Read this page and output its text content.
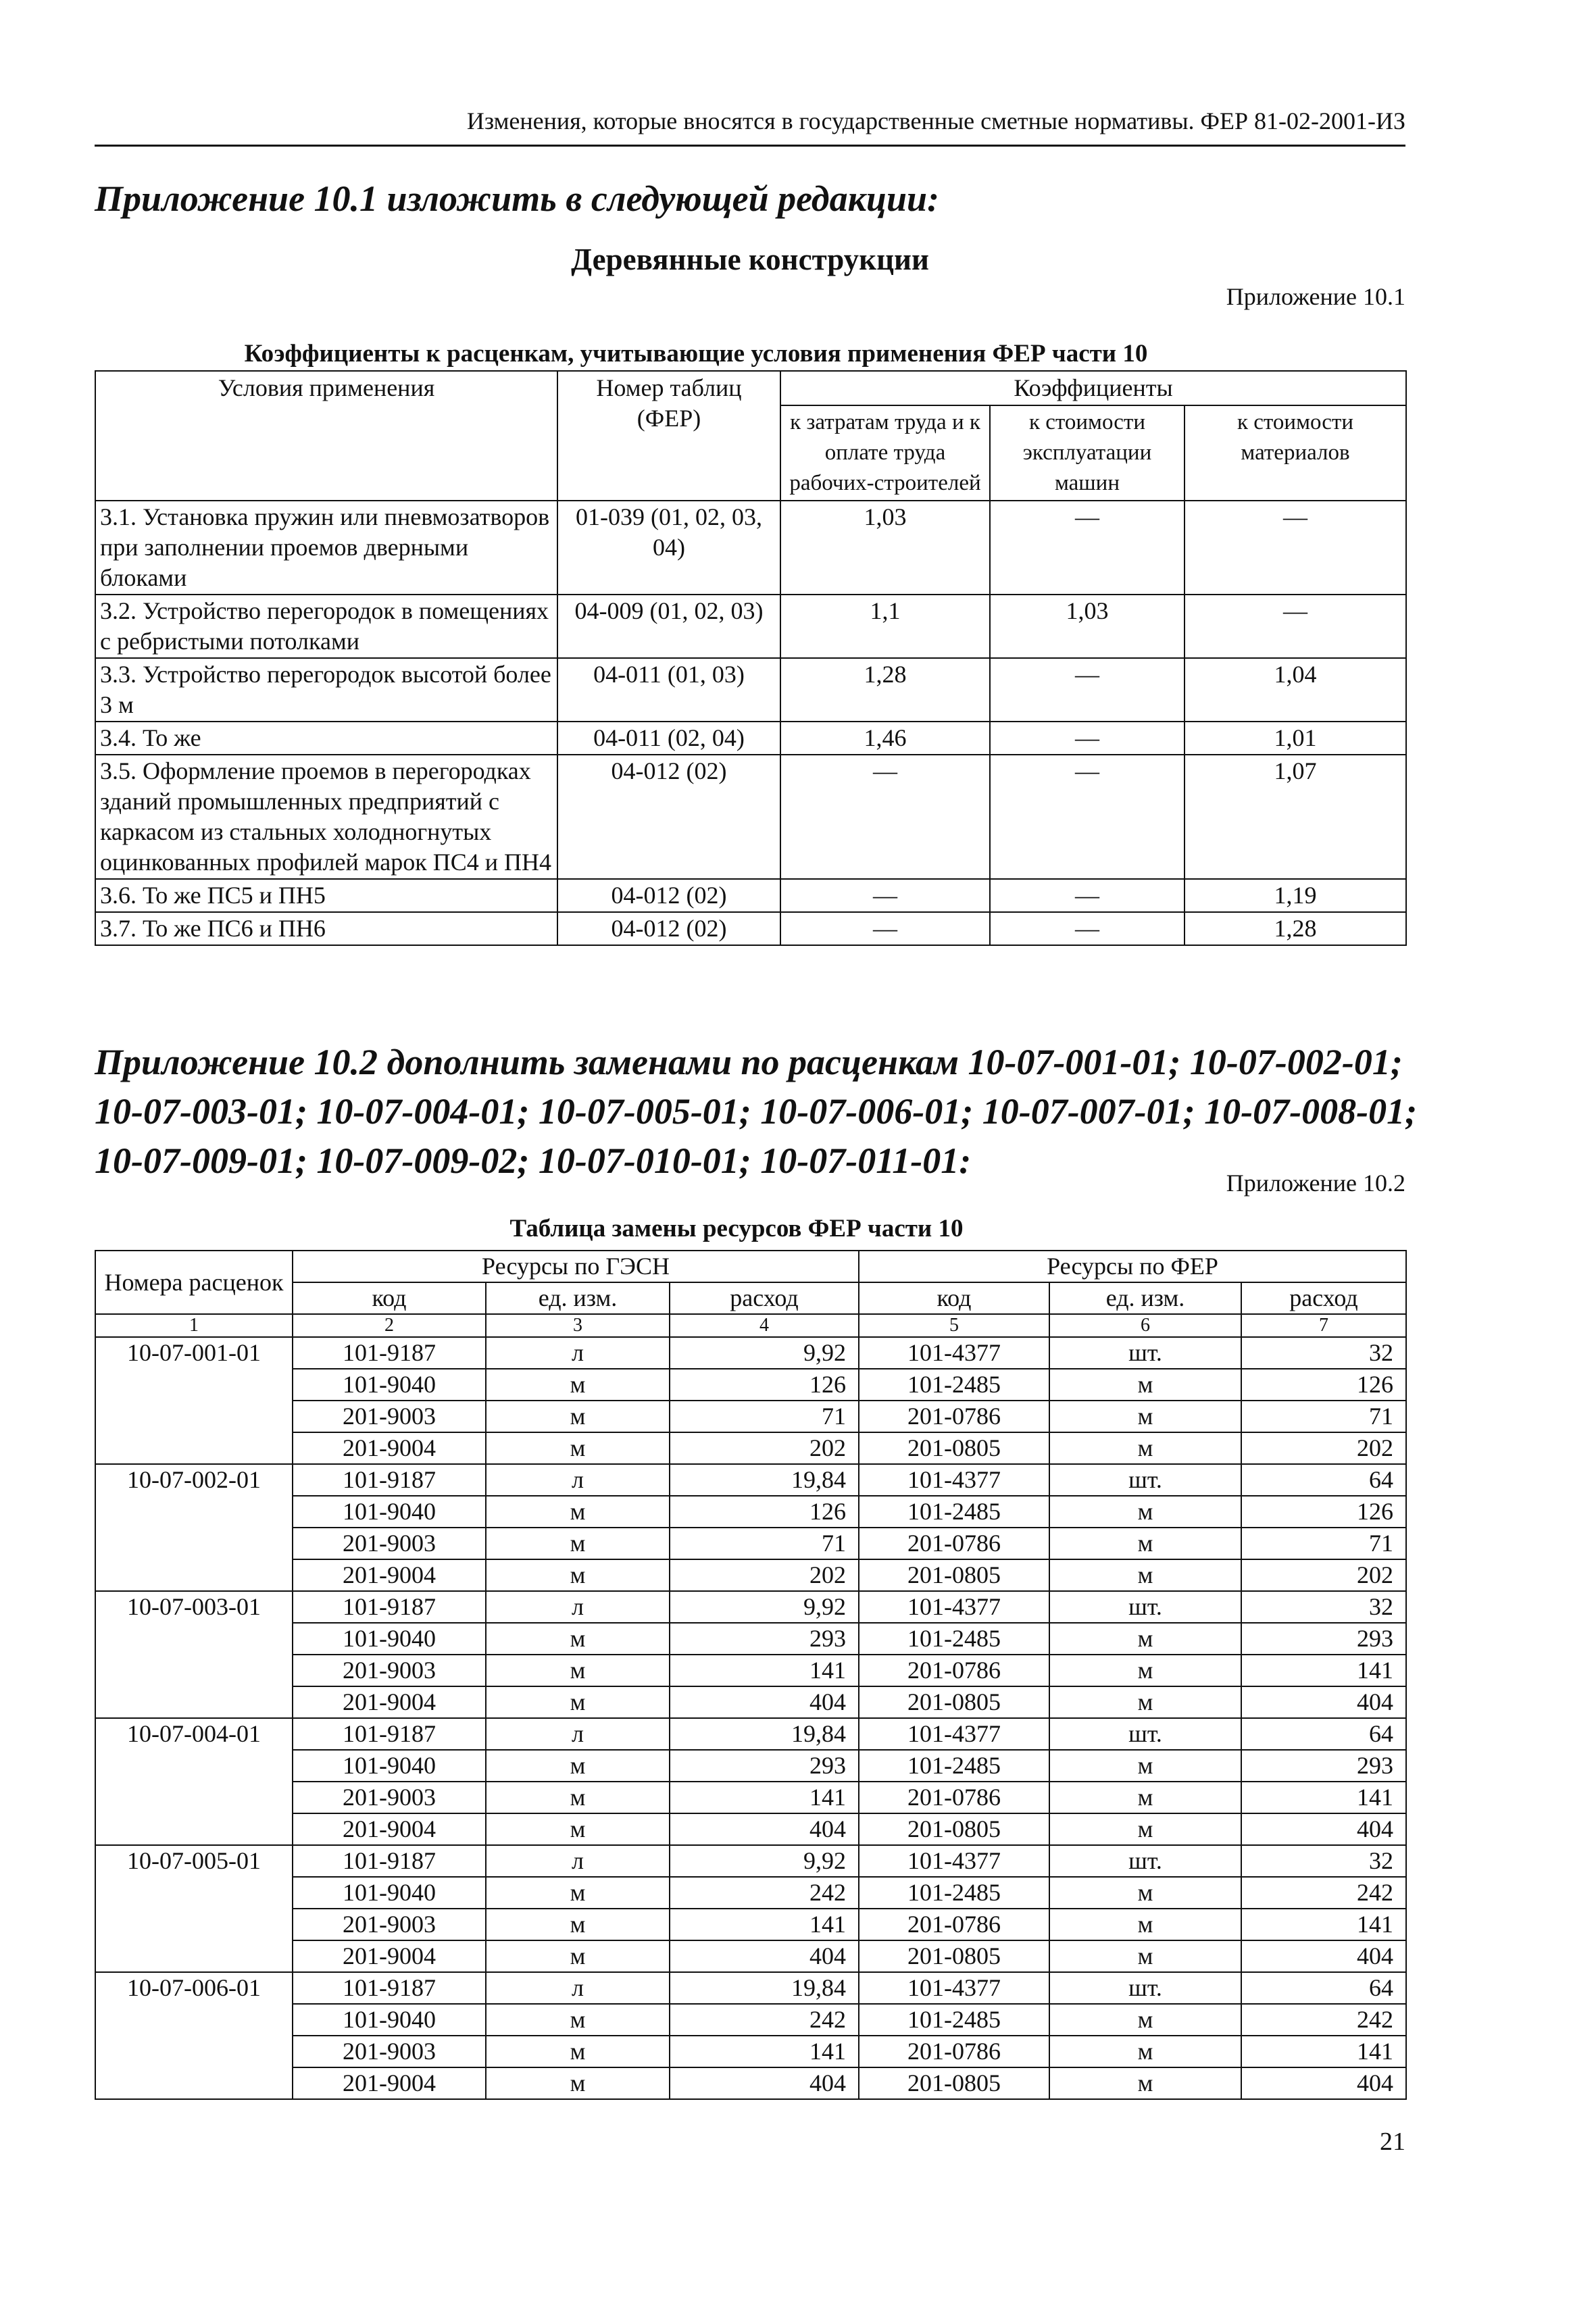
Изменения, которые вносятся в государственные сметные нормативы. ФЕР 81-02-2001-ИЗ
Приложение 10.1 изложить в следующей редакции:
Деревянные конструкции
Приложение 10.1
Коэффициенты к расценкам, учитывающие условия применения ФЕР части 10
Условия применения	Номер таблиц (ФЕР)	Коэффициенты		
		к затратам труда и к оплате труда рабочих-строителей	к стоимости эксплуатации машин	к стоимости материалов
3.1. Установка пружин или пневмозатворов при заполнении проемов дверными блоками	01-039 (01, 02, 03, 04)	1,03	—	—
3.2. Устройство перегородок в помещениях с ребристыми потолками	04-009 (01, 02, 03)	1,1	1,03	—
3.3. Устройство перегородок высотой более 3 м	04-011 (01, 03)	1,28	—	1,04
3.4. То же	04-011 (02, 04)	1,46	—	1,01
3.5. Оформление проемов в перегородках зданий промышленных предприятий с каркасом из стальных холодногнутых оцинкованных профилей марок ПС4 и ПН4	04-012 (02)	—	—	1,07
3.6. То же ПС5 и ПН5	04-012 (02)	—	—	1,19
3.7. То же ПС6 и ПН6	04-012 (02)	—	—	1,28
Приложение 10.2 дополнить заменами по расценкам 10-07-001-01; 10-07-002-01; 10-07-003-01; 10-07-004-01; 10-07-005-01; 10-07-006-01; 10-07-007-01; 10-07-008-01; 10-07-009-01; 10-07-009-02; 10-07-010-01; 10-07-011-01:
Приложение 10.2
Таблица замены ресурсов ФЕР части 10
Номера расценок	Ресурсы по ГЭСН			Ресурсы по ФЕР		
	код	ед. изм.	расход	код	ед. изм.	расход
1	2	3	4	5	6	7
10-07-001-01	101-9187	л	9,92	101-4377	шт.	32
	101-9040	м	126	101-2485	м	126
	201-9003	м	71	201-0786	м	71
	201-9004	м	202	201-0805	м	202
10-07-002-01	101-9187	л	19,84	101-4377	шт.	64
	101-9040	м	126	101-2485	м	126
	201-9003	м	71	201-0786	м	71
	201-9004	м	202	201-0805	м	202
10-07-003-01	101-9187	л	9,92	101-4377	шт.	32
	101-9040	м	293	101-2485	м	293
	201-9003	м	141	201-0786	м	141
	201-9004	м	404	201-0805	м	404
10-07-004-01	101-9187	л	19,84	101-4377	шт.	64
	101-9040	м	293	101-2485	м	293
	201-9003	м	141	201-0786	м	141
	201-9004	м	404	201-0805	м	404
10-07-005-01	101-9187	л	9,92	101-4377	шт.	32
	101-9040	м	242	101-2485	м	242
	201-9003	м	141	201-0786	м	141
	201-9004	м	404	201-0805	м	404
10-07-006-01	101-9187	л	19,84	101-4377	шт.	64
	101-9040	м	242	101-2485	м	242
	201-9003	м	141	201-0786	м	141
	201-9004	м	404	201-0805	м	404
21
